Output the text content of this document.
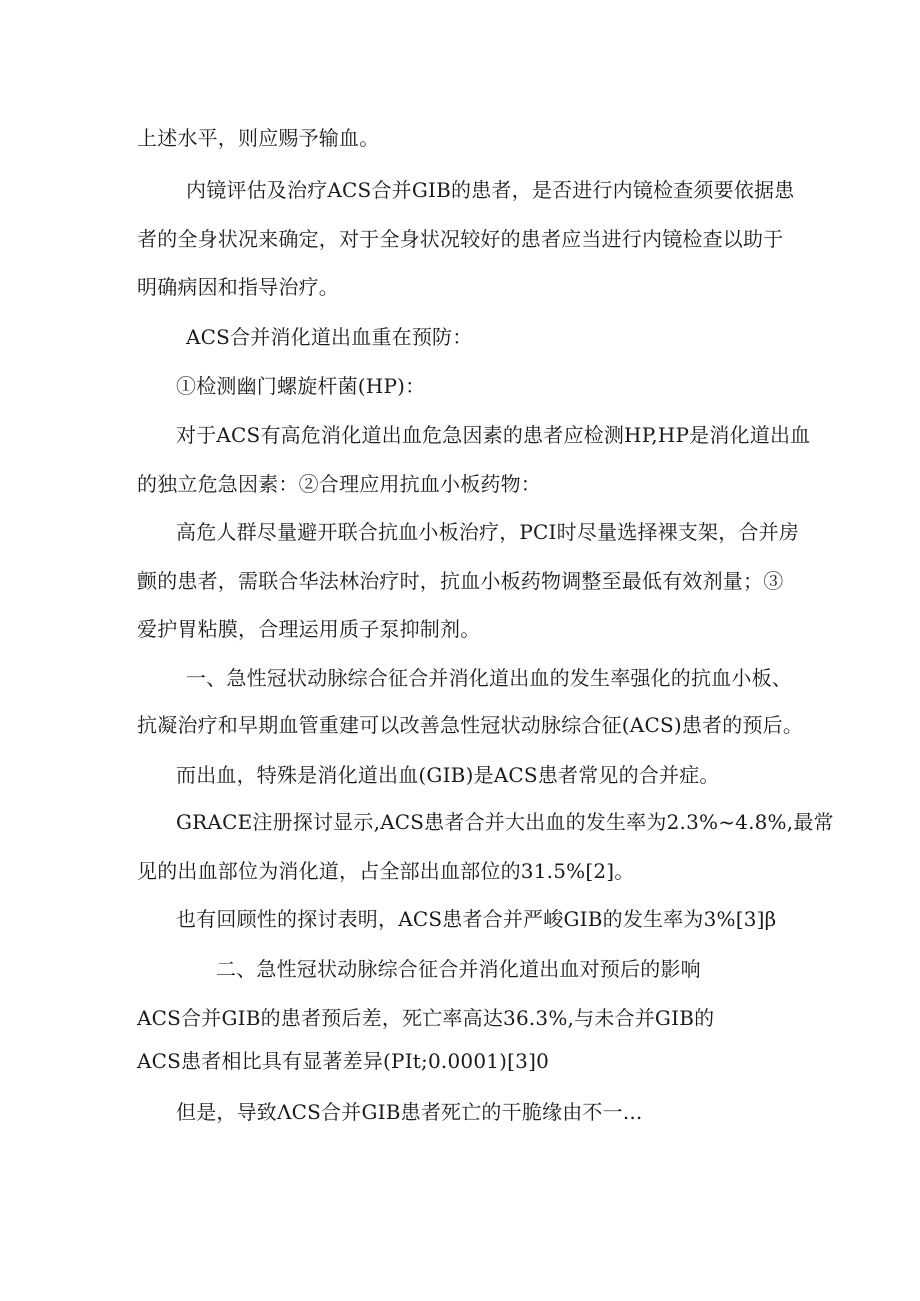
上述水平，则应赐予输血。

内镜评估及治疗ACS合并GIB的患者，是否进行内镜检查须要依据患

者的全身状况来确定，对于全身状况较好的患者应当进行内镜检查以助于

明确病因和指导治疗。

ACS合并消化道出血重在预防：

①检测幽门螺旋杆菌(HP)：

对于ACS有高危消化道出血危急因素的患者应检测HP,HP是消化道出血

的独立危急因素：②合理应用抗血小板药物：

高危人群尽量避开联合抗血小板治疗，PCI时尽量选择裸支架，合并房

颤的患者，需联合华法林治疗时，抗血小板药物调整至最低有效剂量；③

爱护胃粘膜，合理运用质子泵抑制剂。

一、急性冠状动脉综合征合并消化道出血的发生率强化的抗血小板、

抗凝治疗和早期血管重建可以改善急性冠状动脉综合征(ACS)患者的预后。

而出血，特殊是消化道出血(GIB)是ACS患者常见的合并症。

GRACE注册探讨显示,ACS患者合并大出血的发生率为2.3%~4.8%,最常

见的出血部位为消化道，占全部出血部位的31.5%[2]。

也有回顾性的探讨表明，ACS患者合并严峻GIB的发生率为3%[3]β

二、急性冠状动脉综合征合并消化道出血对预后的影响

ACS合并GIB的患者预后差，死亡率高达36.3%,与未合并GIB的

ACS患者相比具有显著差异(PIt;0.0001)[3]0

但是，导致ΛCS合并GIB患者死亡的干脆缘由不一...
